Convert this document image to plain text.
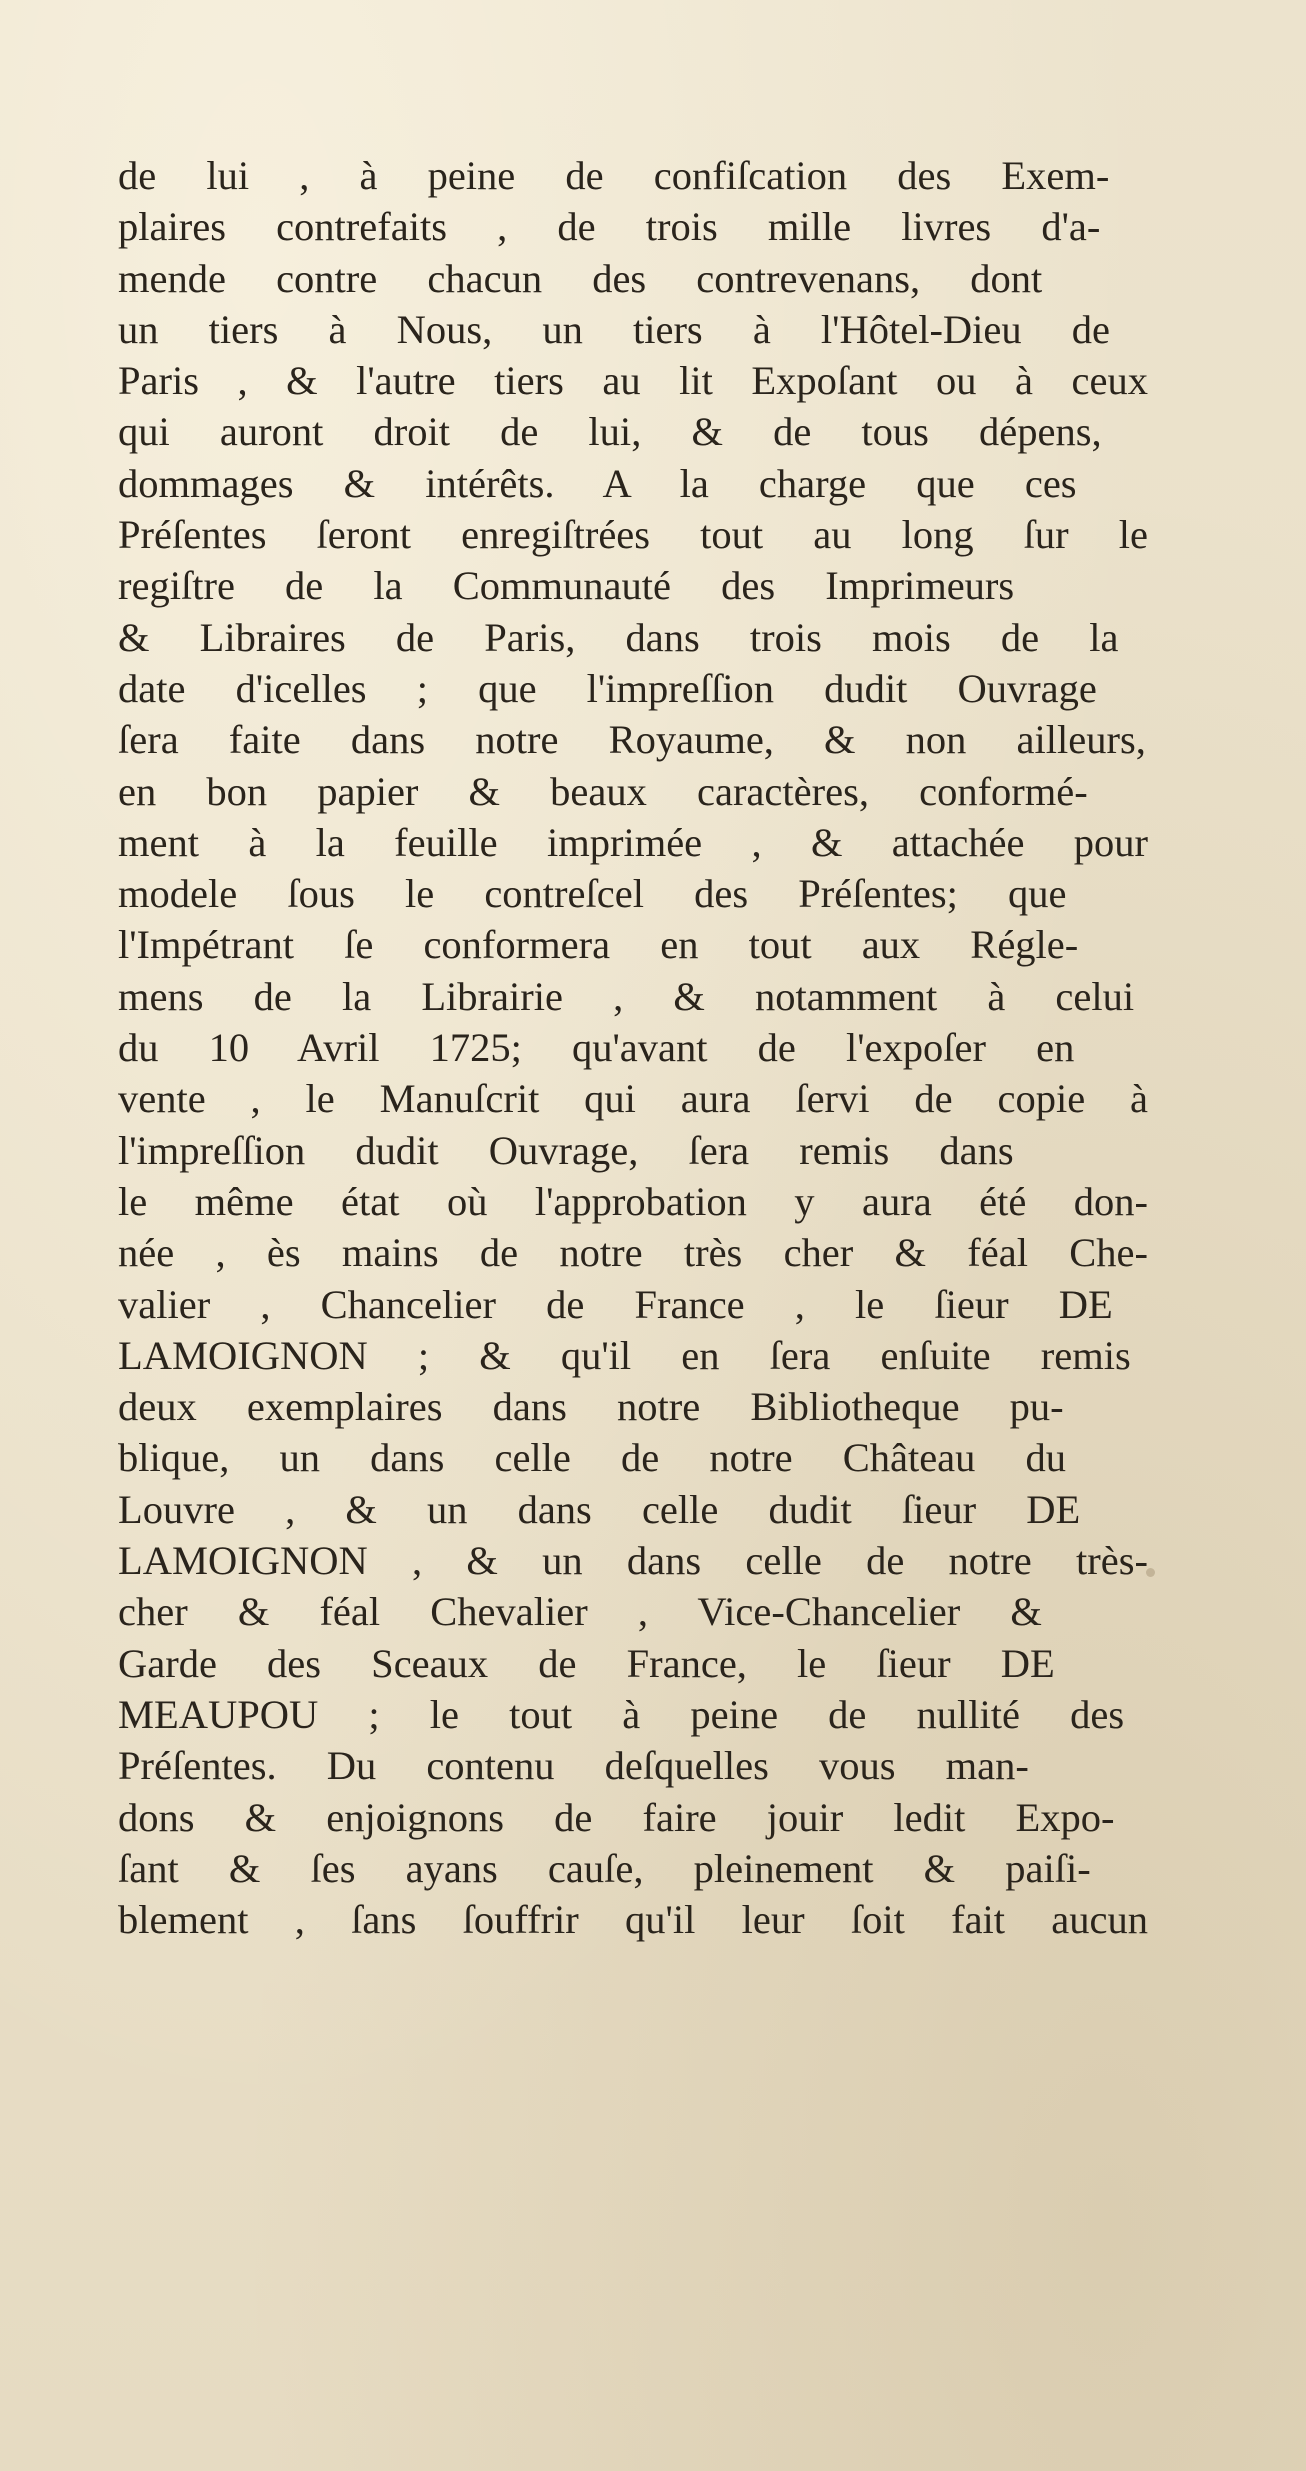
de lui , à peine de confiſcation des Exem-
plaires contrefaits , de trois mille livres d'a-
mende contre chacun des contrevenans, dont
un tiers à Nous, un tiers à l'Hôtel-Dieu de
Paris , & l'autre tiers au lit Expoſant ou à ceux
qui auront droit de lui, & de tous dépens,
dommages & intérêts. A la charge que ces
Préſentes ſeront enregiſtrées tout au long ſur le
regiſtre de la Communauté des Imprimeurs
& Libraires de Paris, dans trois mois de la
date d'icelles ; que l'impreſſion dudit Ouvrage
ſera faite dans notre Royaume, & non ailleurs,
en bon papier & beaux caractères, conformé-
ment à la feuille imprimée , & attachée pour
modele ſous le contreſcel des Préſentes; que
l'Impétrant ſe conformera en tout aux Régle-
mens de la Librairie , & notamment à celui
du 10 Avril 1725; qu'avant de l'expoſer en
vente , le Manuſcrit qui aura ſervi de copie à
l'impreſſion dudit Ouvrage, ſera remis dans
le même état où l'approbation y aura été don-
née , ès mains de notre très cher & féal Che-
valier , Chancelier de France , le ſieur DE
LAMOIGNON ; & qu'il en ſera enſuite remis
deux exemplaires dans notre Bibliotheque pu-
blique, un dans celle de notre Château du
Louvre , & un dans celle dudit ſieur DE
LAMOIGNON , & un dans celle de notre très-
cher & féal Chevalier , Vice-Chancelier &
Garde des Sceaux de France, le ſieur DE
MEAUPOU ; le tout à peine de nullité des
Préſentes. Du contenu deſquelles vous man-
dons & enjoignons de faire jouir ledit Expo-
ſant & ſes ayans cauſe, pleinement & paiſi-
blement , ſans ſouffrir qu'il leur ſoit fait aucun
